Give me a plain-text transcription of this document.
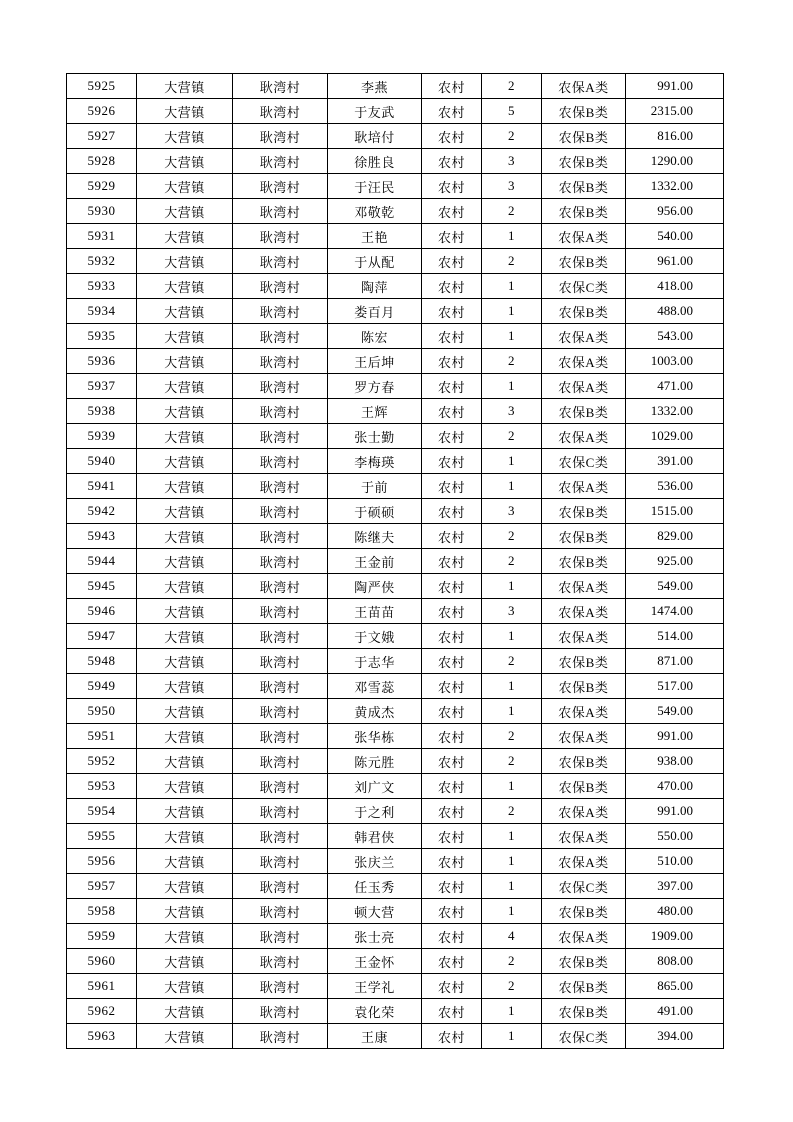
5925	大营镇	耿湾村	李燕	农村	2	农保A类	991.00
5926	大营镇	耿湾村	于友武	农村	5	农保B类	2315.00
5927	大营镇	耿湾村	耿培付	农村	2	农保B类	816.00
5928	大营镇	耿湾村	徐胜良	农村	3	农保B类	1290.00
5929	大营镇	耿湾村	于汪民	农村	3	农保B类	1332.00
5930	大营镇	耿湾村	邓敬乾	农村	2	农保B类	956.00
5931	大营镇	耿湾村	王艳	农村	1	农保A类	540.00
5932	大营镇	耿湾村	于从配	农村	2	农保B类	961.00
5933	大营镇	耿湾村	陶萍	农村	1	农保C类	418.00
5934	大营镇	耿湾村	娄百月	农村	1	农保B类	488.00
5935	大营镇	耿湾村	陈宏	农村	1	农保A类	543.00
5936	大营镇	耿湾村	王后坤	农村	2	农保A类	1003.00
5937	大营镇	耿湾村	罗方春	农村	1	农保A类	471.00
5938	大营镇	耿湾村	王辉	农村	3	农保B类	1332.00
5939	大营镇	耿湾村	张士勤	农村	2	农保A类	1029.00
5940	大营镇	耿湾村	李梅瑛	农村	1	农保C类	391.00
5941	大营镇	耿湾村	于前	农村	1	农保A类	536.00
5942	大营镇	耿湾村	于硕硕	农村	3	农保B类	1515.00
5943	大营镇	耿湾村	陈继夫	农村	2	农保B类	829.00
5944	大营镇	耿湾村	王金前	农村	2	农保B类	925.00
5945	大营镇	耿湾村	陶严侠	农村	1	农保A类	549.00
5946	大营镇	耿湾村	王苗苗	农村	3	农保A类	1474.00
5947	大营镇	耿湾村	于文娥	农村	1	农保A类	514.00
5948	大营镇	耿湾村	于志华	农村	2	农保B类	871.00
5949	大营镇	耿湾村	邓雪蕊	农村	1	农保B类	517.00
5950	大营镇	耿湾村	黄成杰	农村	1	农保A类	549.00
5951	大营镇	耿湾村	张华栋	农村	2	农保A类	991.00
5952	大营镇	耿湾村	陈元胜	农村	2	农保B类	938.00
5953	大营镇	耿湾村	刘广文	农村	1	农保B类	470.00
5954	大营镇	耿湾村	于之利	农村	2	农保A类	991.00
5955	大营镇	耿湾村	韩君侠	农村	1	农保A类	550.00
5956	大营镇	耿湾村	张庆兰	农村	1	农保A类	510.00
5957	大营镇	耿湾村	任玉秀	农村	1	农保C类	397.00
5958	大营镇	耿湾村	顿大营	农村	1	农保B类	480.00
5959	大营镇	耿湾村	张士亮	农村	4	农保A类	1909.00
5960	大营镇	耿湾村	王金怀	农村	2	农保B类	808.00
5961	大营镇	耿湾村	王学礼	农村	2	农保B类	865.00
5962	大营镇	耿湾村	袁化荣	农村	1	农保B类	491.00
5963	大营镇	耿湾村	王康	农村	1	农保C类	394.00
